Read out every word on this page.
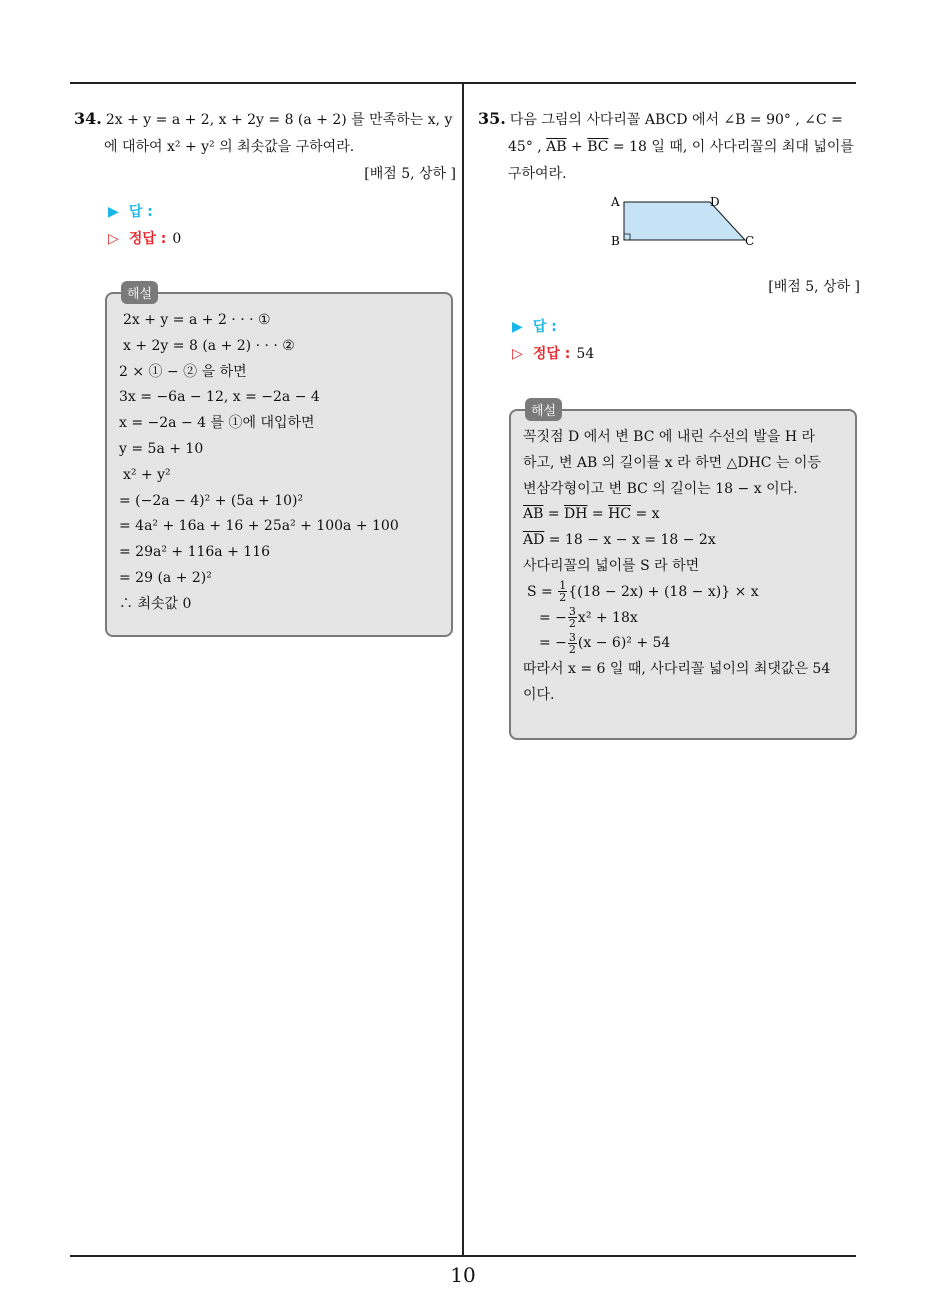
34. 2x + y = a + 2, x + 2y = 8 (a + 2) 를 만족하는 x, y
에 대하여 x² + y² 의 최솟값을 구하여라.
[배점 5, 상하 ]
▶ 답 :
▷ 정답 : 0
해설
2x + y = a + 2 · · · ①
x + 2y = 8 (a + 2) · · · ②
2 × ① − ② 을 하면
3x = −6a − 12, x = −2a − 4
x = −2a − 4 를 ①에 대입하면
y = 5a + 10
x² + y²
= (−2a − 4)² + (5a + 10)²
= 4a² + 16a + 16 + 25a² + 100a + 100
= 29a² + 116a + 116
= 29 (a + 2)²
∴ 최솟값 0
35. 다음 그림의 사다리꼴 ABCD 에서 ∠B = 90° , ∠C =
45° , $\overline{AB} + \overline{BC} = 18$ 일 때, 이 사다리꼴의 최대 넓이를
구하여라.
A	D
B	C
[배점 5, 상하 ]
▶ 답 :
▷ 정답 : 54
해설
꼭짓점 D 에서 변 BC 에 내린 수선의 발을 H 라
하고, 변 AB 의 길이를 x 라 하면 △DHC 는 이등
변삼각형이고 변 BC 의 길이는 18 − x 이다.
$\overline{AB} = \overline{DH} = \overline{HC} = x$
$\overline{AD} = 18 - x - x = 18 - 2x$
사다리꼴의 넓이를 S 라 하면
$S = \frac{1}{2} \{(18 - 2x) + (18 - x)\} \times x$
= − $\frac{3}{2} x^2 + 18x$
= − $\frac{3}{2} (x - 6)^2 + 54$
따라서 x = 6 일 때, 사다리꼴 넓이의 최댓값은 54
이다.
10
